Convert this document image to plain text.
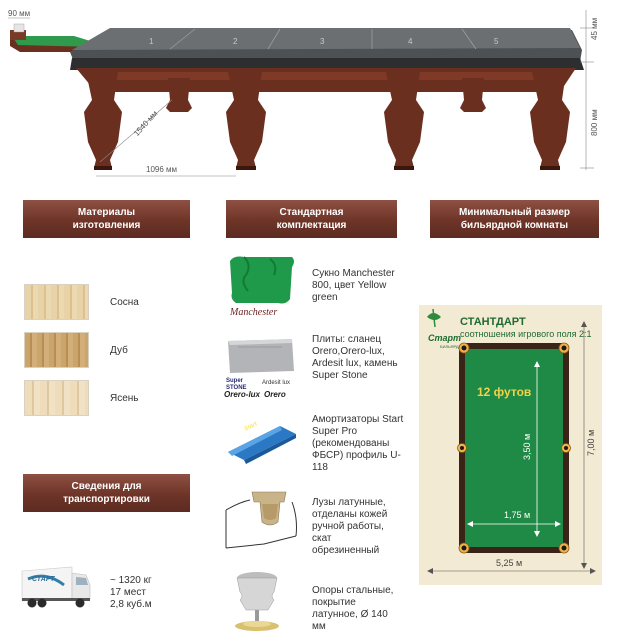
90 мм
1	2	3	4	5
45 мм
800 мм
1540 мм
1096 мм
Материалы изготовления
Стандартная комплектация
Минимальный размер бильярдной комнаты
Сведения для транспортировки
Сосна
Дуб
Ясень
СТАРТ	~ 1320 кг
17 мест
2,8 куб.м
Manchester
Сукно Manchester 800, цвет Yellow green
Super STONE
Ardesit lux
Orero-lux Orero
Плиты: сланец Orero,Orero-lux, Ardesit lux, камень Super Stone
Start
Амортизаторы Start Super Pro (рекомендованы ФБСР) профиль U-118
Лузы латунные, отделаны кожей ручной работы, скат обрезиненный
Опоры стальные, покрытие латунное, Ø 140 мм
Старт
БИЛЬЯРД
СТАНТДАРТ
соотношения игрового поля 2:1
12 футов
3,50 м
1,75 м
7,00 м
5,25 м
